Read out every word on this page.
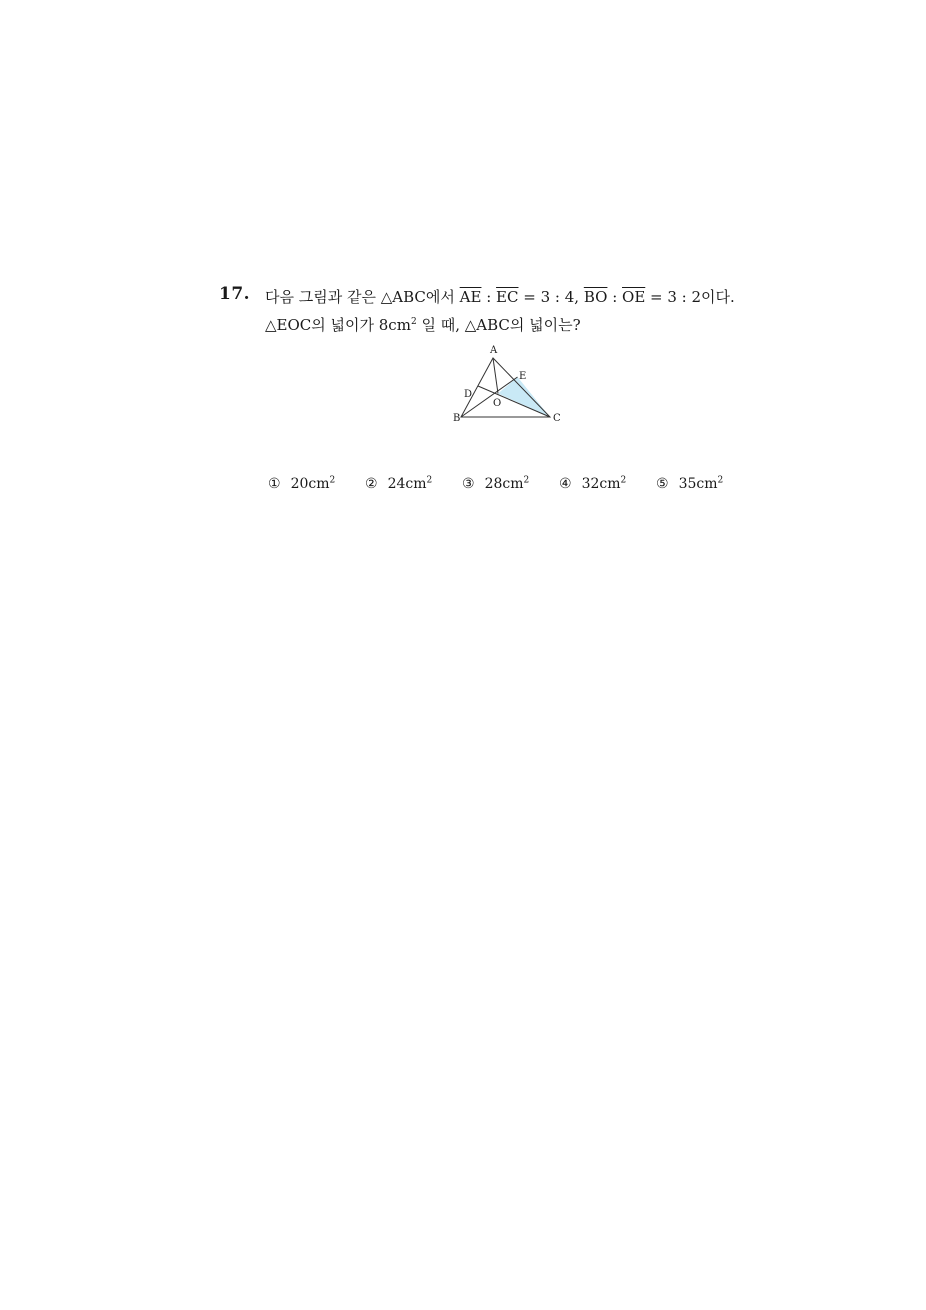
17. 다음 그림과 같은 △ABC에서 $\overline{AE}$ : $\overline{EC} = 3$ : 4, $\overline{BO}$ : $\overline{OE} = 3$ : 2이다.
△EOC의 넓이가 $8cm^2$ 일 때, △ABC의 넓이는?
A
B	C
D
E
O
① $20cm^2$ ② $24cm^2$ ③ $28cm^2$ ④ $32cm^2$ ⑤ $35cm^2$
